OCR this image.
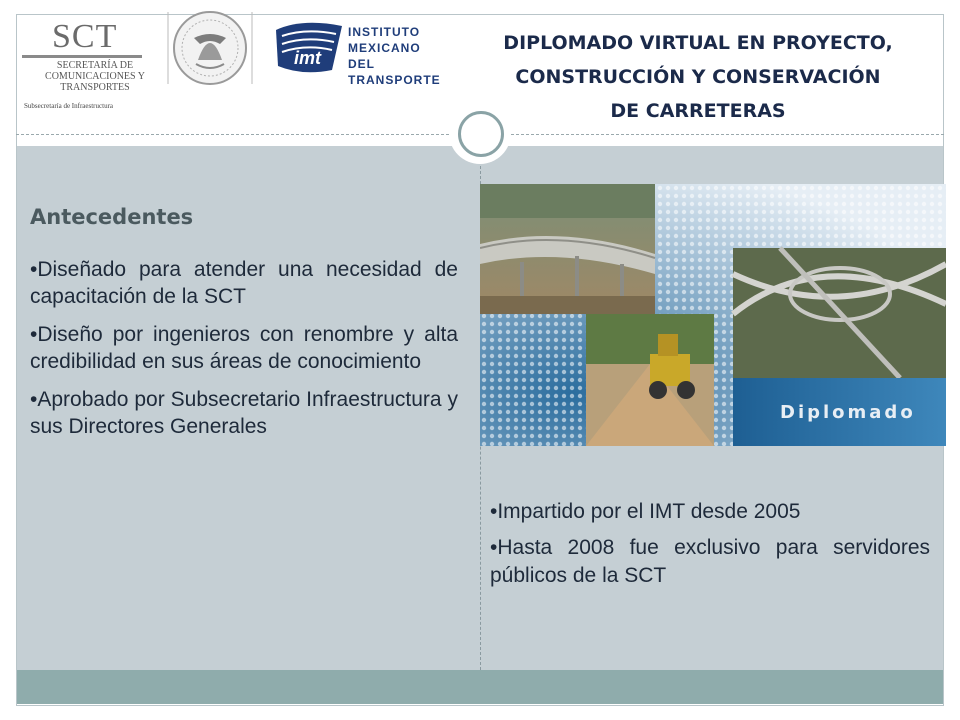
SCT
SECRETARÍA DE COMUNICACIONES Y TRANSPORTES
Subsecretaría de Infraestructura
imt
INSTITUTO
MEXICANO DEL
TRANSPORTE
DIPLOMADO VIRTUAL EN PROYECTO,
CONSTRUCCIÓN Y CONSERVACIÓN
DE CARRETERAS
Antecedentes
•Diseñado para atender una necesidad de capacitación de la SCT
•Diseño por ingenieros con renombre y alta credibilidad en sus áreas de conocimiento
•Aprobado por Subsecretario Infraestructura y sus Directores Generales
Diplomado
•Impartido por el IMT desde 2005
•Hasta 2008 fue exclusivo para servidores públicos de la SCT
